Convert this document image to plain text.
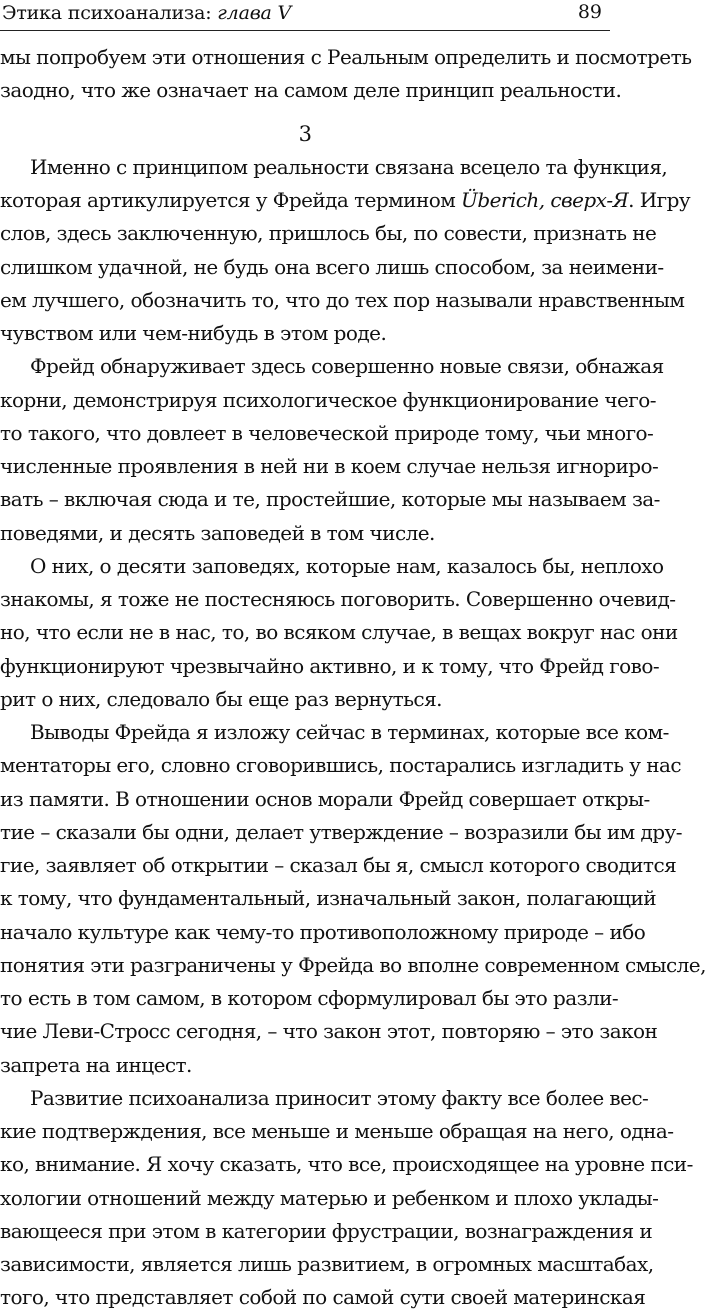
Этика психоанализа: глава V	89
мы попробуем эти отношения с Реальным определить и посмотреть
заодно, что же означает на самом деле принцип реальности.
3
Именно с принципом реальности связана всецело та функция,
которая артикулируется у Фрейда термином Überich, сверх-Я. Игру
слов, здесь заключенную, пришлось бы, по совести, признать не
слишком удачной, не будь она всего лишь способом, за неимени-
ем лучшего, обозначить то, что до тех пор называли нравственным
чувством или чем-нибудь в этом роде.
Фрейд обнаруживает здесь совершенно новые связи, обнажая
корни, демонстрируя психологическое функционирование чего-
то такого, что довлеет в человеческой природе тому, чьи много-
численные проявления в ней ни в коем случае нельзя игнориро-
вать – включая сюда и те, простейшие, которые мы называем за-
поведями, и десять заповедей в том числе.
О них, о десяти заповедях, которые нам, казалось бы, неплохо
знакомы, я тоже не постесняюсь поговорить. Совершенно очевид-
но, что если не в нас, то, во всяком случае, в вещах вокруг нас они
функционируют чрезвычайно активно, и к тому, что Фрейд гово-
рит о них, следовало бы еще раз вернуться.
Выводы Фрейда я изложу сейчас в терминах, которые все ком-
ментаторы его, словно сговорившись, постарались изгладить у нас
из памяти. В отношении основ морали Фрейд совершает откры-
тие – сказали бы одни, делает утверждение – возразили бы им дру-
гие, заявляет об открытии – сказал бы я, смысл которого сводится
к тому, что фундаментальный, изначальный закон, полагающий
начало культуре как чему-то противоположному природе – ибо
понятия эти разграничены у Фрейда во вполне современном смысле,
то есть в том самом, в котором сформулировал бы это разли-
чие Леви-Стросс сегодня, – что закон этот, повторяю – это закон
запрета на инцест.
Развитие психоанализа приносит этому факту все более вес-
кие подтверждения, все меньше и меньше обращая на него, одна-
ко, внимание. Я хочу сказать, что все, происходящее на уровне пси-
хологии отношений между матерью и ребенком и плохо уклады-
вающееся при этом в категории фрустрации, вознаграждения и
зависимости, является лишь развитием, в огромных масштабах,
того, что представляет собой по самой сути своей материнская
